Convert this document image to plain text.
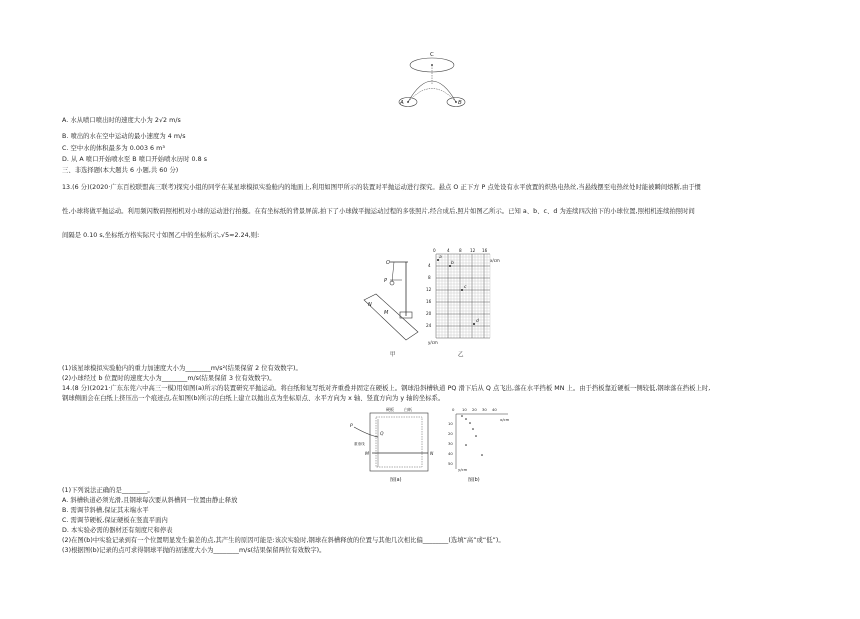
C
A	B
A. 水从喷口喷出时的速度大小为 2√2 m/s
B. 喷出的水在空中运动的最小速度为 4 m/s
C. 空中水的体积最多为 0.003 6 m³
D. 从 A 喷口开始喷水至 B 喷口开始喷水历时 0.8 s
三、非选择题(本大题共 6 小题,共 60 分)
13.(6 分)(2020·广东百校联盟高三联考)探究小组的同学在某星球模拟实验舱内的地面上,利用如图甲所示的装置对平抛运动进行探究。悬点 O 正下方 P 点处设有水平放置的炽热电热丝,当悬线摆至电热丝处时能被瞬间熔断,由于惯
性,小球将做平抛运动。利用频闪数码照相机对小球的运动进行拍摄。在有坐标纸的背景屏前,拍下了小球做平抛运动过程的多张照片,经合成后,照片如图乙所示。已知 a、b、c、d 为连续四次拍下的小球位置,照相机连续拍照时间
间隔是 0.10 s,坐标纸方格实际尺寸如图乙中的坐标所示,√5≈2.24,则:
O
P
M
N
甲
0	4 8 12 16
x/cm
4
8
12
16
20
24
y/cm
a
b
c
d
乙
(1)该星球模拟实验舱内的重力加速度大小为________m/s²(结果保留 2 位有效数字)。
(2)小球经过 b 位置时的速度大小为________m/s(结果保留 3 位有效数字)。
14.(8 分)(2021·广东东莞六中高三一模)用如图(a)所示的装置研究平抛运动。将白纸和复写纸对齐重叠并固定在硬板上。钢球沿斜槽轨道 PQ 滑下后从 Q 点飞出,落在水平挡板 MN 上。由于挡板靠近硬板一侧较低,钢球落在挡板上时,
钢球侧面会在白纸上挤压出一个痕迹点,在如图(b)所示的白纸上建立以抛出点为坐标原点、水平方向为 x 轴、竖直方向为 y 轴的坐标系。
硬板	白纸
P
Q
M	N
重垂线
图(a)
0 10 20 30 40
x/cm
10
20
30
40
50
y/cm
图(b)
(1)下列说法正确的是________。
A. 斜槽轨道必须光滑,且钢球每次要从斜槽同一位置由静止释放
B. 需调节斜槽,保证其末端水平
C. 需调节硬板,保证硬板在竖直平面内
D. 本实验必需的器材还有刻度尺和停表
(2)在图(b)中实验记录到有一个位置明显发生偏差的点,其产生的原因可能是:该次实验时,钢球在斜槽释放的位置与其他几次相比偏________(选填“高”或“低”)。
(3)根据图(b)记录的点可求得钢球平抛的初速度大小为________m/s(结果保留两位有效数字)。
